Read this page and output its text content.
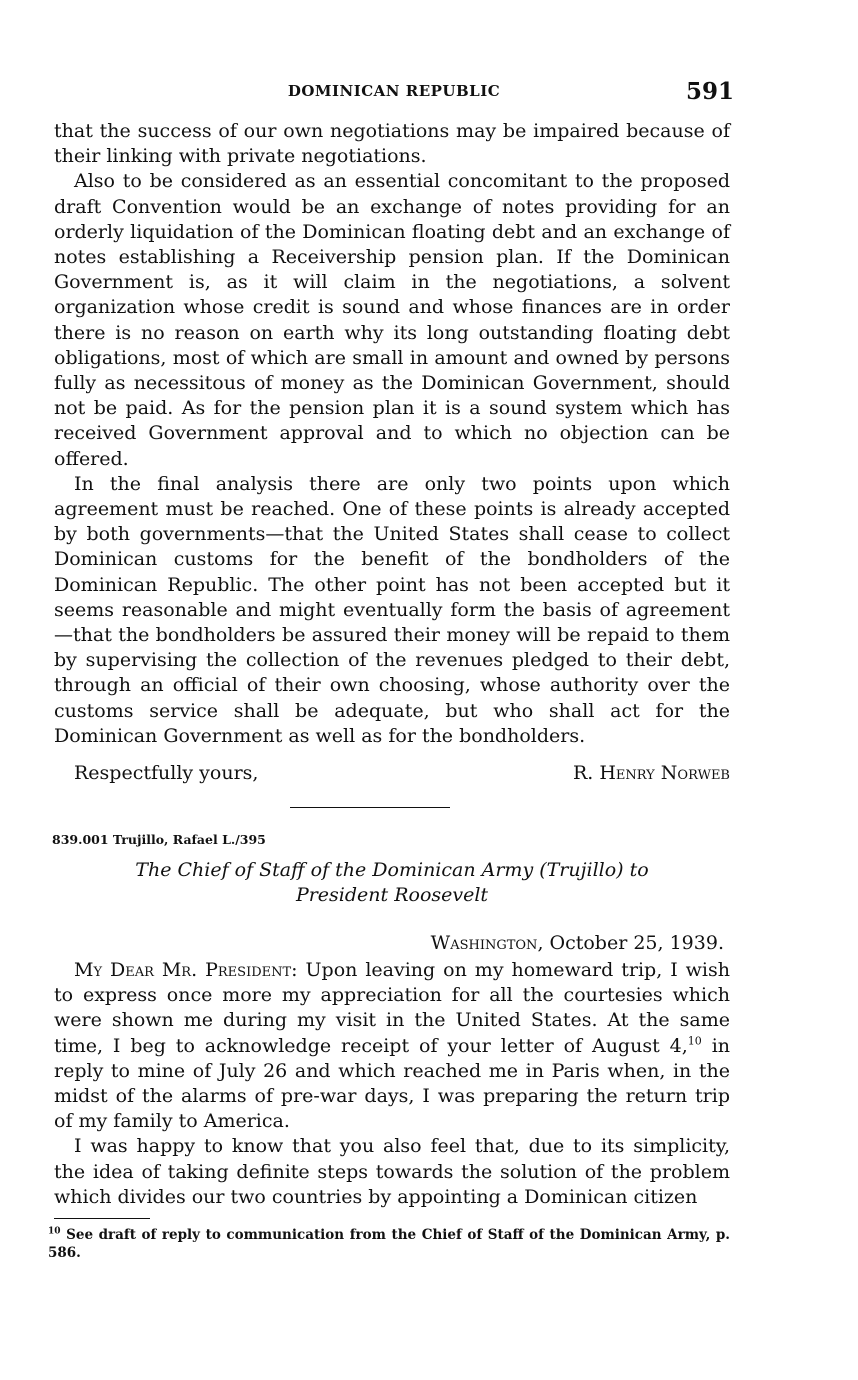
DOMINICAN REPUBLIC	591

that the success of our own negotiations may be impaired because of their linking with private negotiations.

Also to be considered as an essential concomitant to the proposed draft Convention would be an exchange of notes providing for an orderly liquidation of the Dominican floating debt and an exchange of notes establishing a Receivership pension plan. If the Dominican Government is, as it will claim in the negotiations, a solvent organization whose credit is sound and whose finances are in order there is no reason on earth why its long outstanding floating debt obligations, most of which are small in amount and owned by persons fully as necessitous of money as the Dominican Government, should not be paid. As for the pension plan it is a sound system which has received Government approval and to which no objection can be offered.

In the final analysis there are only two points upon which agreement must be reached. One of these points is already accepted by both governments—that the United States shall cease to collect Dominican customs for the benefit of the bondholders of the Dominican Republic. The other point has not been accepted but it seems reasonable and might eventually form the basis of agreement—that the bondholders be assured their money will be repaid to them by supervising the collection of the revenues pledged to their debt, through an official of their own choosing, whose authority over the customs service shall be adequate, but who shall act for the Dominican Government as well as for the bondholders.

Respectfully yours,	R. Henry Norweb
839.001 Trujillo, Rafael L./395
The Chief of Staff of the Dominican Army (Trujillo) to
President Roosevelt
Washington, October 25, 1939.

My Dear Mr. President: Upon leaving on my homeward trip, I wish to express once more my appreciation for all the courtesies which were shown me during my visit in the United States. At the same time, I beg to acknowledge receipt of your letter of August 4,10 in reply to mine of July 26 and which reached me in Paris when, in the midst of the alarms of pre-war days, I was preparing the return trip of my family to America.

I was happy to know that you also feel that, due to its simplicity, the idea of taking definite steps towards the solution of the problem which divides our two countries by appointing a Dominican citizen

$^{10}$ See draft of reply to communication from the Chief of Staff of the Dominican Army, p. 586.
